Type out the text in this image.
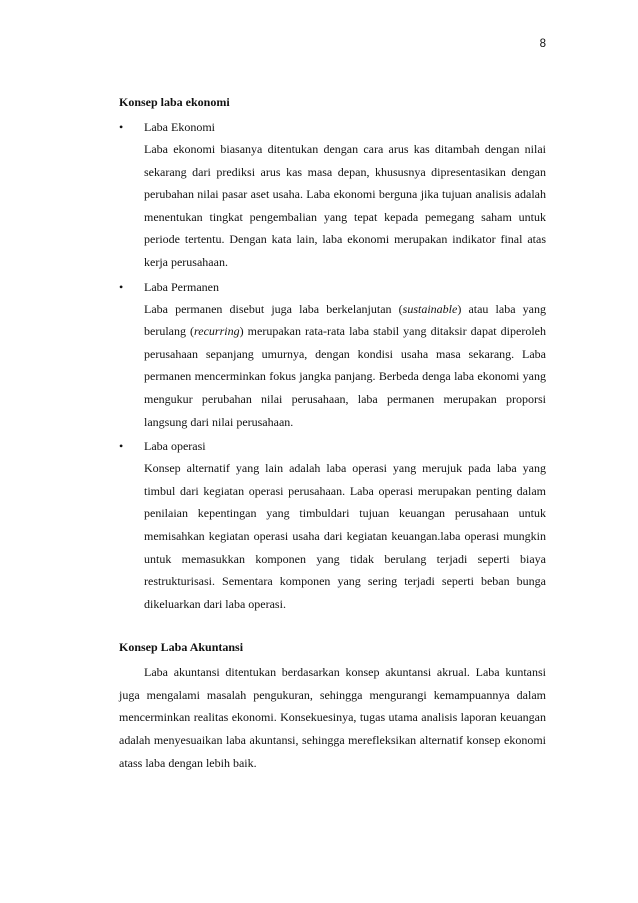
8
Konsep laba ekonomi
• Laba Ekonomi

Laba ekonomi biasanya ditentukan dengan cara arus kas ditambah dengan nilai sekarang dari prediksi arus kas masa depan, khususnya dipresentasikan dengan perubahan nilai pasar aset usaha. Laba ekonomi berguna jika tujuan analisis adalah menentukan tingkat pengembalian yang tepat kepada pemegang saham untuk periode tertentu. Dengan kata lain, laba ekonomi merupakan indikator final atas kerja perusahaan.

• Laba Permanen

Laba permanen disebut juga laba berkelanjutan (sustainable) atau laba yang berulang (recurring) merupakan rata-rata laba stabil yang ditaksir dapat diperoleh perusahaan sepanjang umurnya, dengan kondisi usaha masa sekarang. Laba permanen mencerminkan fokus jangka panjang. Berbeda denga laba ekonomi yang mengukur perubahan nilai perusahaan, laba permanen merupakan proporsi langsung dari nilai perusahaan.

• Laba operasi

Konsep alternatif yang lain adalah laba operasi yang merujuk pada laba yang timbul dari kegiatan operasi perusahaan. Laba operasi merupakan penting dalam penilaian kepentingan yang timbuldari tujuan keuangan perusahaan untuk memisahkan kegiatan operasi usaha dari kegiatan keuangan.laba operasi mungkin untuk memasukkan komponen yang tidak berulang terjadi seperti biaya restrukturisasi. Sementara komponen yang sering terjadi seperti beban bunga dikeluarkan dari laba operasi.

Konsep Laba Akuntansi

Laba akuntansi ditentukan berdasarkan konsep akuntansi akrual. Laba kuntansi juga mengalami masalah pengukuran, sehingga mengurangi kemampuannya dalam mencerminkan realitas ekonomi. Konsekuesinya, tugas utama analisis laporan keuangan adalah menyesuaikan laba akuntansi, sehingga merefleksikan alternatif konsep ekonomi atass laba dengan lebih baik.
